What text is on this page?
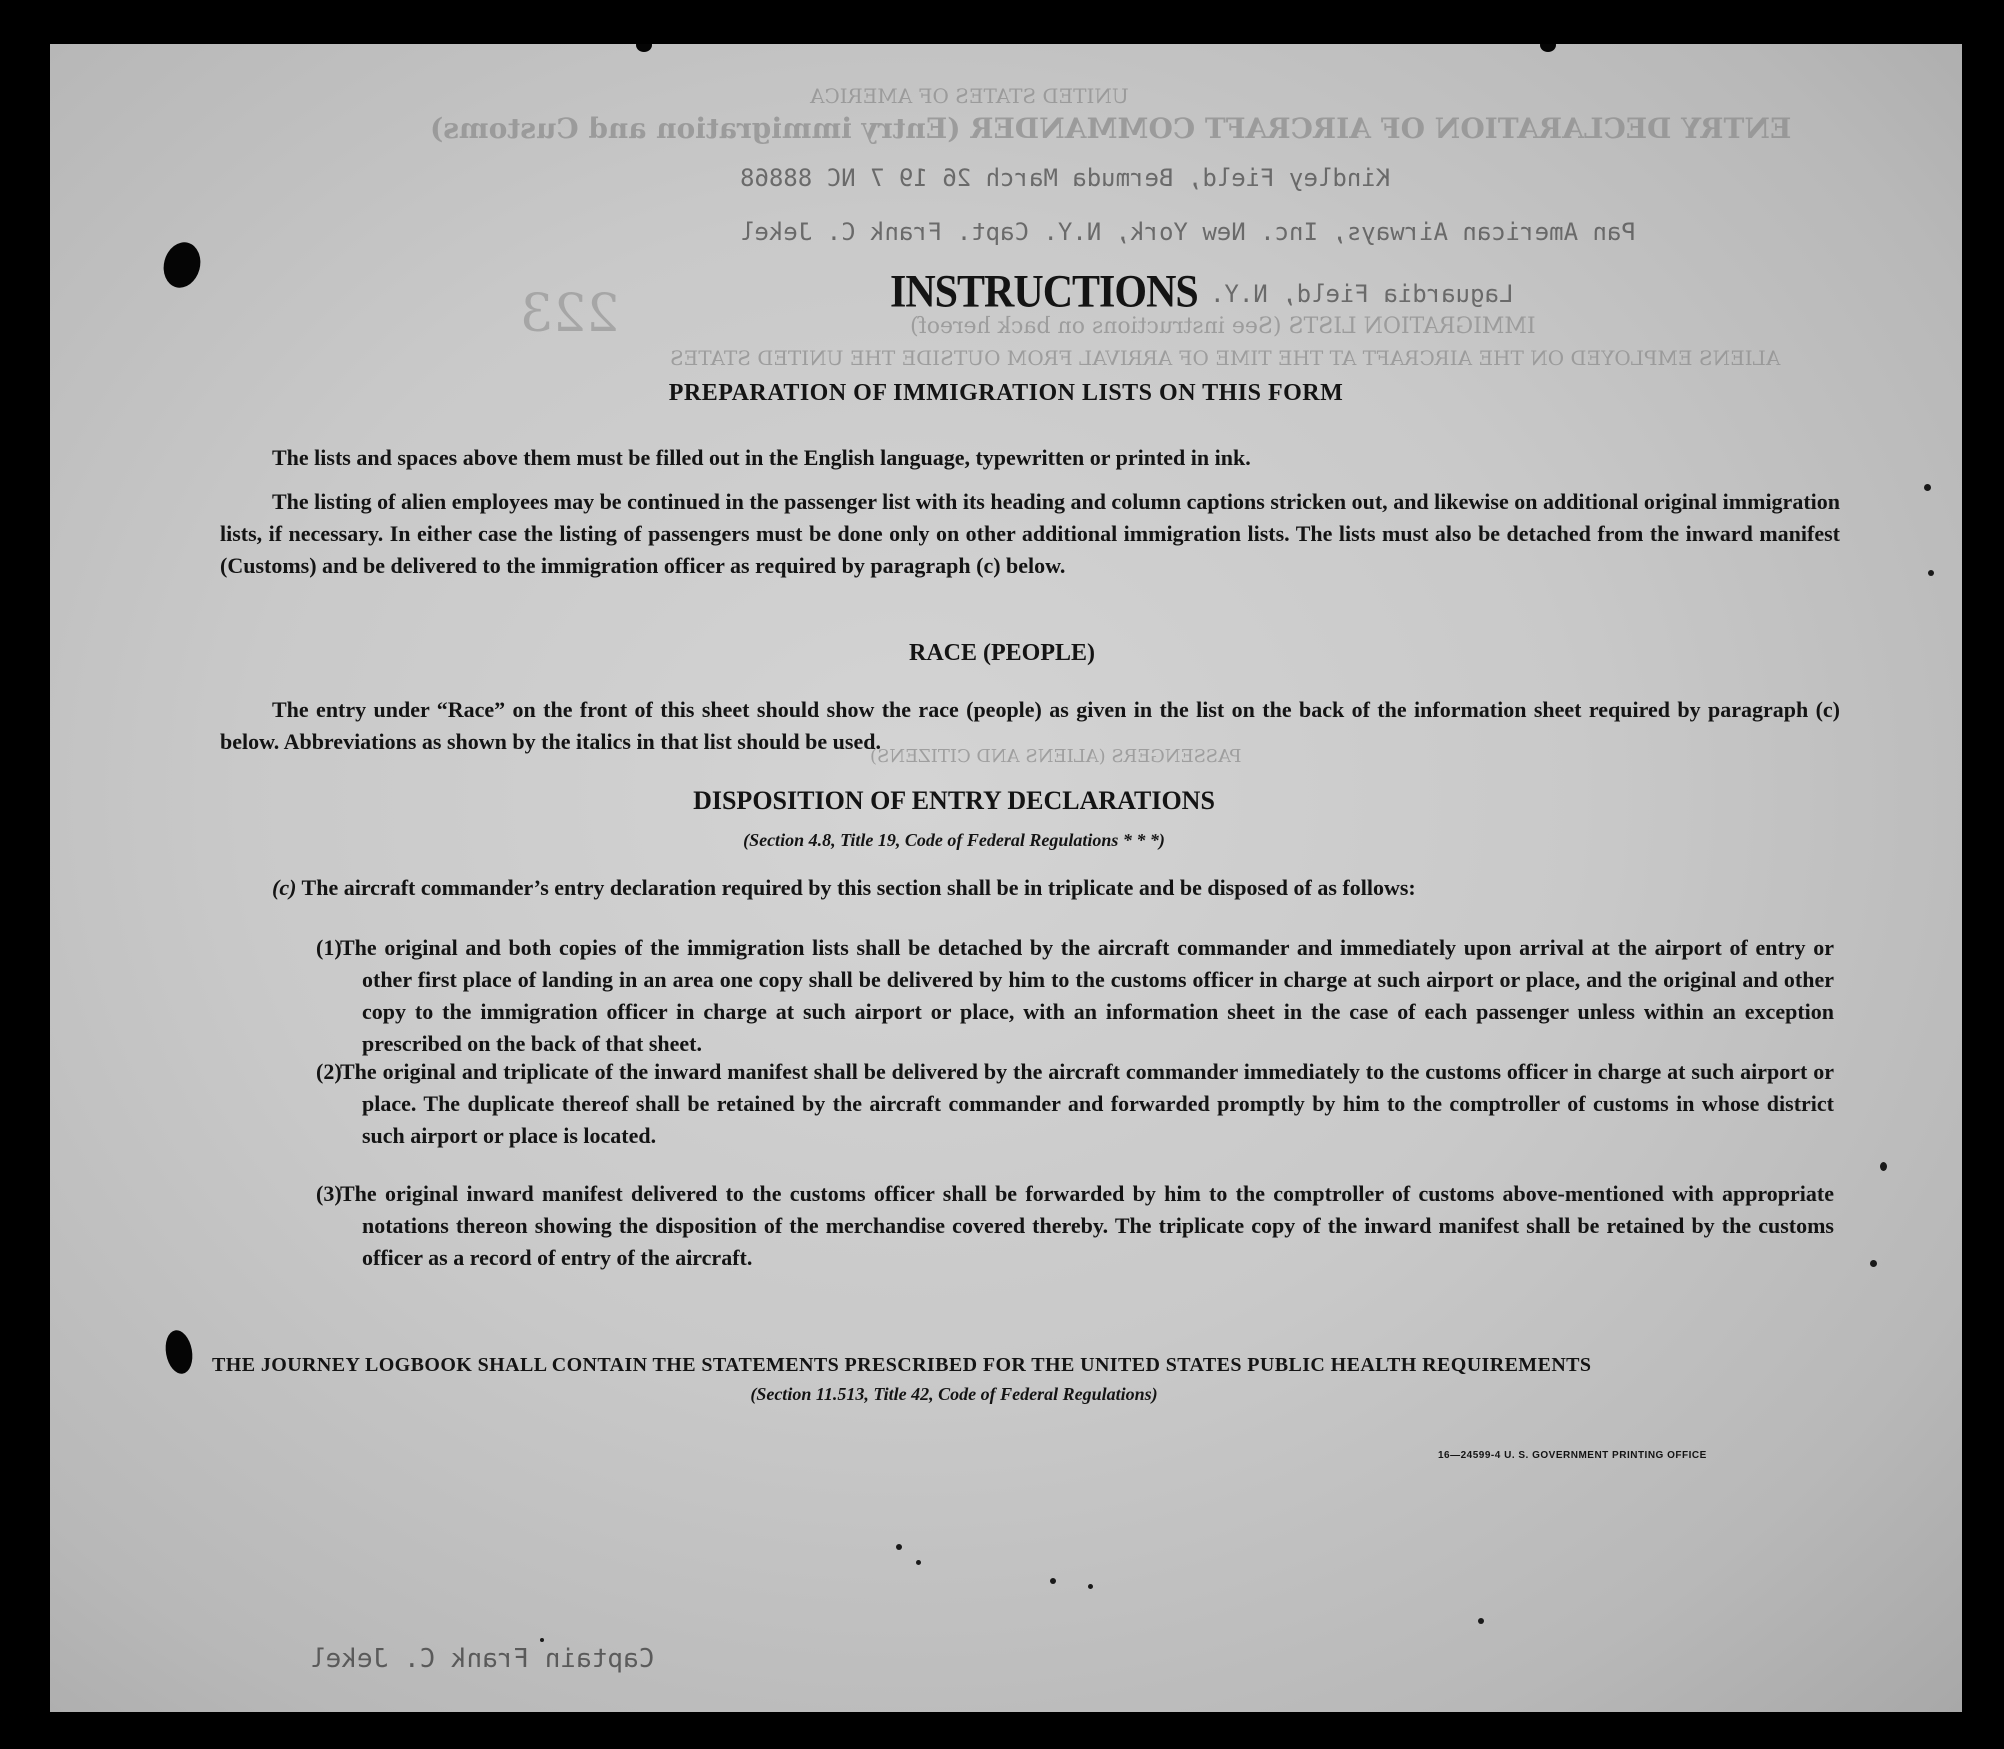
UNITED STATES OF AMERICA
ENTRY DECLARATION OF AIRCRAFT COMMANDER (Entry immigration and Customs)
Kindley Field, Bermuda March 26 19 7 NC 88868
Pan American Airways, Inc. New York, N.Y. Capt. Frank C. Jekel
Laguardia Field, N.Y.
223	IMMIGRATION LISTS (See instructions on back hereof)
ALIENS EMPLOYED ON THE AIRCRAFT AT THE TIME OF ARRIVAL FROM OUTSIDE THE UNITED STATES
PASSENGERS (ALIENS AND CITIZENS)
Captain Frank C. Jekel
INSTRUCTIONS
PREPARATION OF IMMIGRATION LISTS ON THIS FORM
The lists and spaces above them must be filled out in the English language, typewritten or printed in ink.
The listing of alien employees may be continued in the passenger list with its heading and column captions stricken out, and likewise on additional original immigration lists, if necessary. In either case the listing of passengers must be done only on other additional immigration lists. The lists must also be detached from the inward manifest (Customs) and be delivered to the immigration officer as required by paragraph (c) below.
RACE (PEOPLE)
The entry under “Race” on the front of this sheet should show the race (people) as given in the list on the back of the information sheet required by paragraph (c) below. Abbreviations as shown by the italics in that list should be used.
DISPOSITION OF ENTRY DECLARATIONS
(Section 4.8, Title 19, Code of Federal Regulations * * *)
(c) The aircraft commander’s entry declaration required by this section shall be in triplicate and be disposed of as follows:
(1)
The original and both copies of the immigration lists shall be detached by the aircraft commander and immediately upon arrival at the airport of entry or other first place of landing in an area one copy shall be delivered by him to the customs officer in charge at such airport or place, and the original and other copy to the immigration officer in charge at such airport or place, with an information sheet in the case of each passenger unless within an exception prescribed on the back of that sheet.
(2)
The original and triplicate of the inward manifest shall be delivered by the aircraft commander immediately to the customs officer in charge at such airport or place. The duplicate thereof shall be retained by the aircraft commander and forwarded promptly by him to the comptroller of customs in whose district such airport or place is located.
(3)
The original inward manifest delivered to the customs officer shall be forwarded by him to the comptroller of customs above-mentioned with appropriate notations thereon showing the disposition of the merchandise covered thereby. The triplicate copy of the inward manifest shall be retained by the customs officer as a record of entry of the aircraft.
THE JOURNEY LOGBOOK SHALL CONTAIN THE STATEMENTS PRESCRIBED FOR THE UNITED STATES PUBLIC HEALTH REQUIREMENTS
(Section 11.513, Title 42, Code of Federal Regulations)
16—24599-4 U. S. GOVERNMENT PRINTING OFFICE
